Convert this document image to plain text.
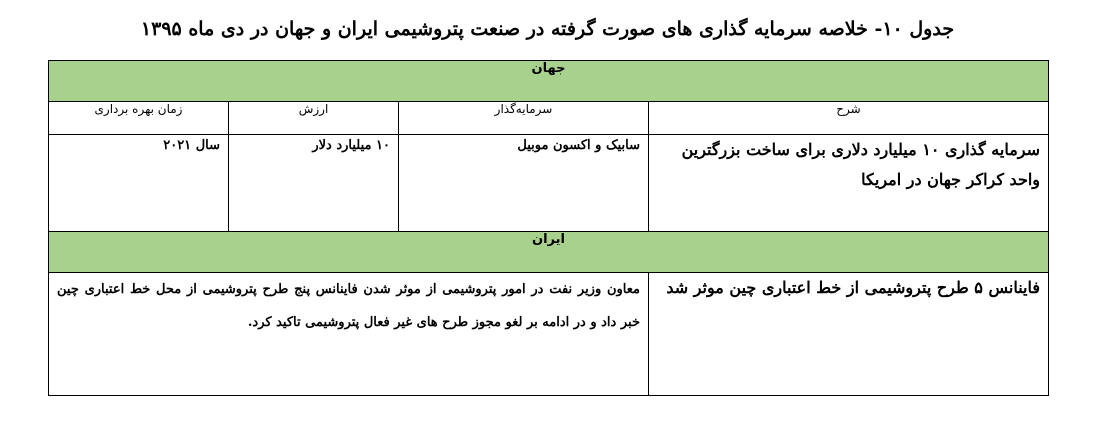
جدول ۱۰- خلاصه سرمایه گذاری های صورت گرفته در صنعت پتروشیمی ایران و جهان در دی ماه ۱۳۹۵
جهان			
شرح	سرمایه‌گذار	ارزش	زمان بهره برداری
سرمایه گذاری ۱۰ میلیارد دلاری برای ساخت بزرگترین واحد کراکر جهان در امریکا	سابیک و اکسون موبیل	۱۰ میلیارد دلار	سال ۲۰۲۱
ایران			
فاینانس ۵ طرح پتروشیمی از خط اعتباری چین موثر شد	معاون وزیر نفت در امور پتروشیمی از موثر شدن فاینانس پنج طرح پتروشیمی از محل خط اعتباری چین خبر داد و در ادامه بر لغو مجوز طرح های غیر فعال پتروشیمی تاکید کرد.		
